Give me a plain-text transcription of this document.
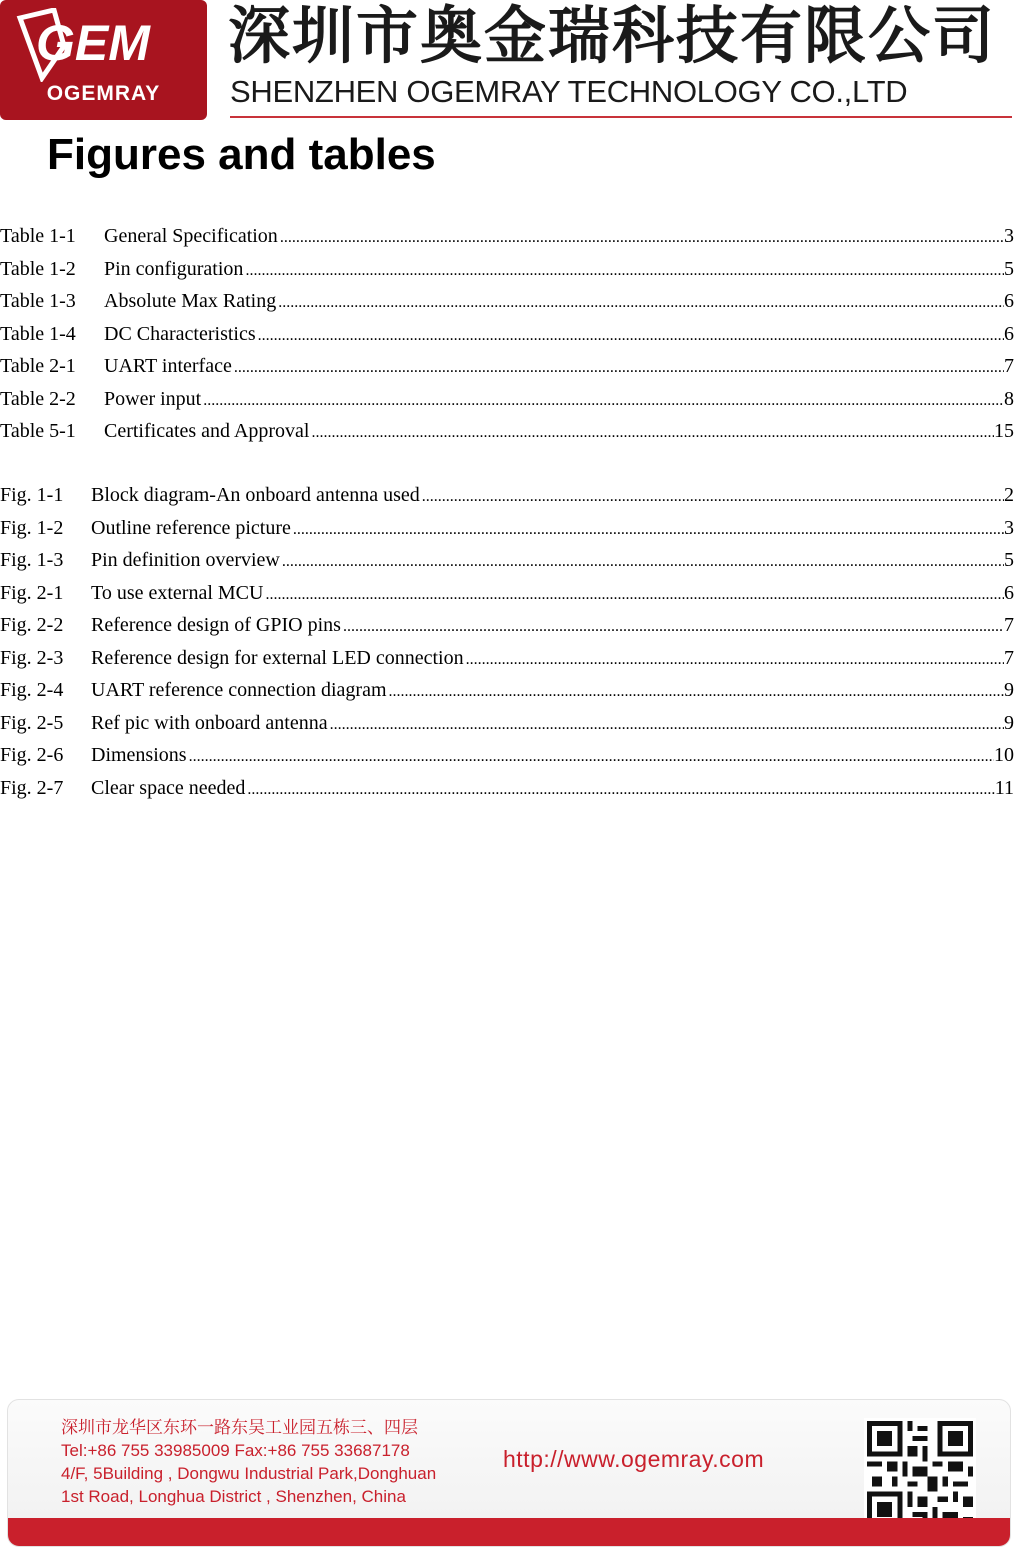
GEM
OGEMRAY
深圳市奥金瑞科技有限公司
SHENZHEN OGEMRAY TECHNOLOGY CO.,LTD
Figures and tables
Table 1-1	General Specification .....	3
Table 1-2	Pin configuration .....	5
Table 1-3	Absolute Max Rating .....	6
Table 1-4	DC Characteristics .....	6
Table 2-1	UART interface .....	7
Table 2-2	Power input .....	8
Table 5-1	Certificates and Approval .....	15
Fig. 1-1	Block diagram-An onboard antenna used .....	2
Fig. 1-2	Outline reference picture .....	3
Fig. 1-3	Pin definition overview .....	5
Fig. 2-1	To use external MCU .....	6
Fig. 2-2	Reference design of GPIO pins .....	7
Fig. 2-3	Reference design for external LED connection .....	7
Fig. 2-4	UART reference connection diagram .....	9
Fig. 2-5	Ref pic with onboard antenna .....	9
Fig. 2-6	Dimensions .....	10
Fig. 2-7	Clear space needed .....	11
深圳市龙华区东环一路东吴工业园五栋三、四层
Tel:+86 755 33985009 Fax:+86 755 33687178
4/F, 5Building , Dongwu Industrial Park,Donghuan
1st Road, Longhua District , Shenzhen, China
http://www.ogemray.com
